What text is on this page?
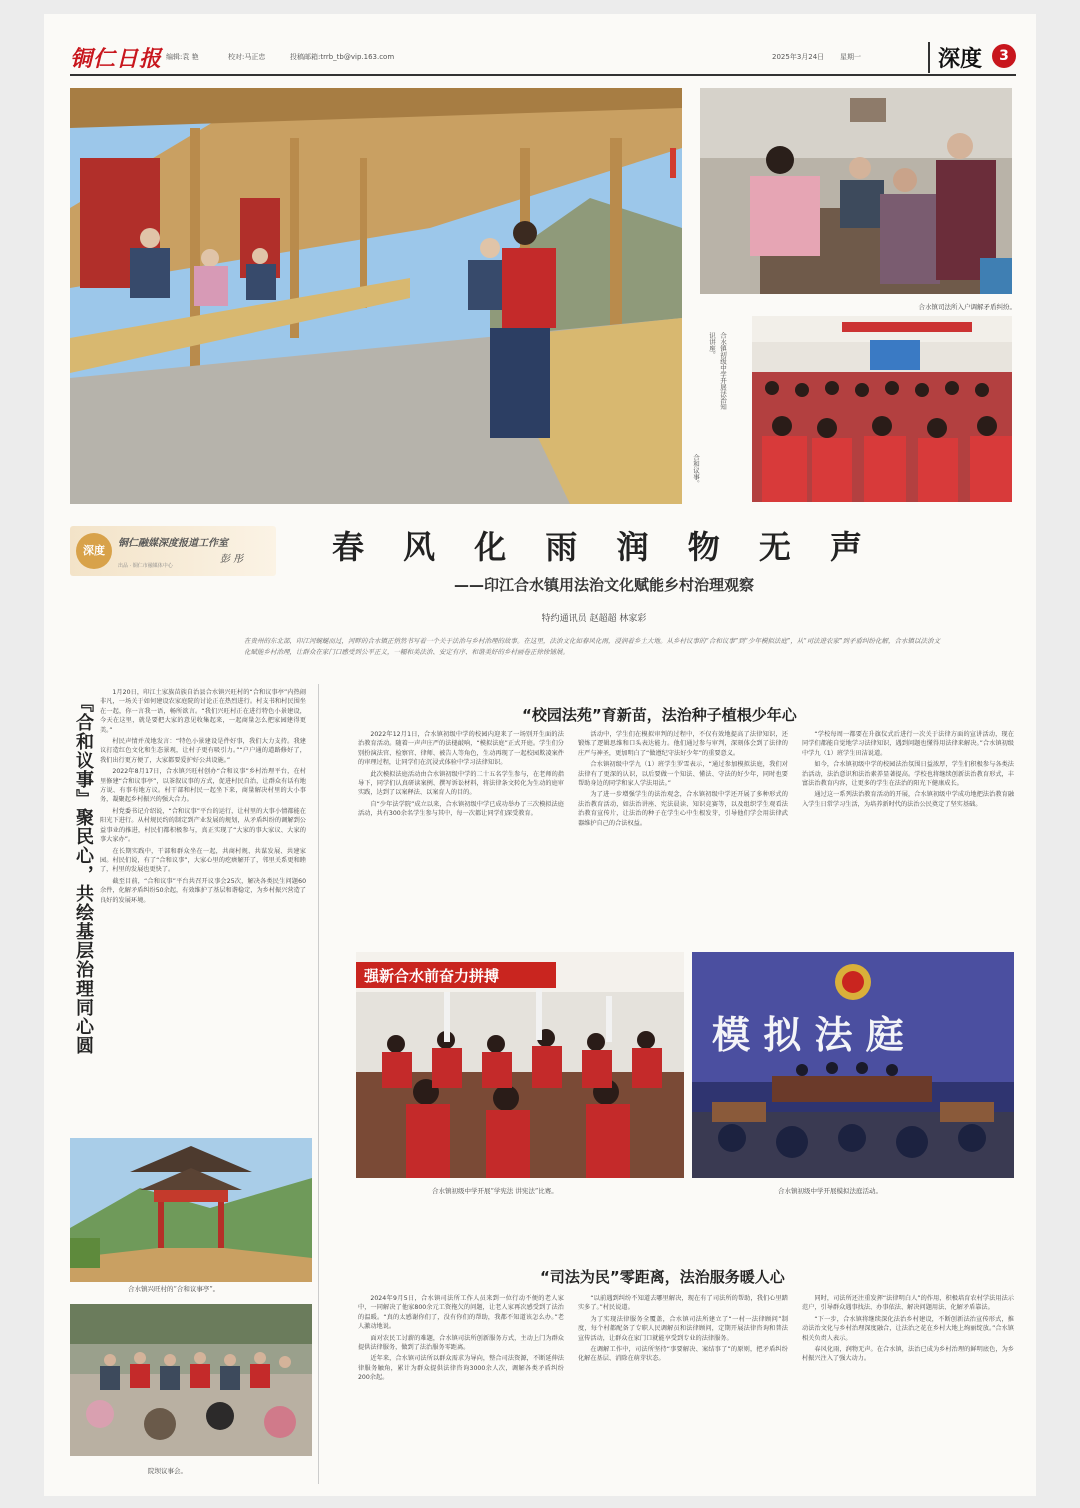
铜仁日报 编辑:袁 艳	校对:马正忠	投稿邮箱:trrb_tb@vip.163.com	2025年3月24日 星期一	深度	3
合和议事。
合水镇司法所入户调解矛盾纠纷。
合水镇初级中学开展法治知识讲座。
深度
铜仁融媒深度报道工作室
彭 彤
出品 · 铜仁市融媒体中心	春 风 化 雨 润 物 无 声
——印江合水镇用法治文化赋能乡村治理观察
特约通讯员 赵超超 林家彩
在贵州的东北部，印江河蜿蜒而过，河畔的合水镇正悄然书写着一个关于法治与乡村治理的故事。在这里，法治文化如春风化雨，浸润着乡土大地。从乡村议事的“合和议事”到“少年模拟法庭”，从“司法进农家”到矛盾纠纷化解，合水镇以法治文化赋能乡村治理，让群众在家门口感受到公平正义，一幅和美法治、安定有序、和谐美好的乡村画卷正徐徐铺展。
『合和议事』聚民心，共绘基层治理同心圆

1月20日，印江土家族苗族自治县合水镇兴旺村的“合和议事亭”内热闹非凡，一场关于如何建设农家庭院的讨论正在热烈进行。村支书和村民围坐在一起，你一言我一语，畅所欲言。“我们兴旺村正在进行特色小景建设，今天在这里，就是要把大家的意见收集起来，一起商量怎么把家园建得更美。”

村民声情并茂地发言：“特色小景建设是件好事，我们大力支持。我建议打造红色文化和生态景观，让村子更有吸引力。”“户户通的道路修好了，我们出行更方便了，大家都要爱护好公共设施。”

2022年8月17日，合水镇兴旺村创办“合和议事”乡村治理平台，在村里修建“合和议事亭”，以茶叙议事的方式，促进村民自治，让群众有话有地方说、有事有地方议。村干部和村民一起坐下来，商量解决村里的大小事务，凝聚起乡村振兴的强大合力。

村党委书记介绍说，“合和议事”平台的运行，让村里的大事小情都能在阳光下进行。从村规民约的制定到产业发展的规划，从矛盾纠纷的调解到公益事业的推进，村民们都积极参与，真正实现了“大家的事大家议、大家的事大家办”。

在长期实践中，干部和群众坐在一起，共商村规、共谋发展、共建家园。村民们说，有了“合和议事”，大家心里的疙瘩解开了，邻里关系更和睦了，村里的发展也更快了。

截至目前，“合和议事”平台共召开议事会25次，解决各类民生问题60余件，化解矛盾纠纷50余起，有效维护了基层和谐稳定，为乡村振兴营造了良好的发展环境。

合水镇兴旺村的“合和议事亭”。
院坝议事会。
“校园法苑”育新苗，法治种子植根少年心

2022年12月1日，合水镇初级中学的校园内迎来了一场别开生面的法治教育活动。随着一声声庄严的法槌敲响，“模拟法庭”正式开庭。学生们分别扮演法官、检察官、律师、被告人等角色，生动再现了一起校园欺凌案件的审理过程，让同学们在沉浸式体验中学习法律知识。

此次模拟法庭活动由合水镇初级中学的二十五名学生参与，在老师的指导下，同学们认真研读案例、撰写诉讼材料，将法律条文转化为生动的庭审实践，达到了以案释法、以案育人的目的。

自“少年法学院”成立以来，合水镇初级中学已成功举办了三次模拟法庭活动，共有300余名学生参与其中，每一次都让同学们深受教育。

活动中，学生们在模拟审判的过程中，不仅有效地提高了法律知识，还锻炼了逻辑思维和口头表达能力。他们通过参与审判，深刻体会到了法律的庄严与神圣，更加明白了“做遵纪守法好少年”的重要意义。

合水镇初级中学九（1）班学生罗雪表示，“通过参加模拟法庭，我们对法律有了更深的认识，以后要做一个知法、懂法、守法的好少年，同时也要帮助身边的同学和家人学法用法。”

为了进一步增强学生的法治观念，合水镇初级中学还开展了多种形式的法治教育活动，如法治讲座、宪法晨读、知识竞赛等，以及组织学生观看法治教育宣传片，让法治的种子在学生心中生根发芽，引导他们学会用法律武器维护自己的合法权益。

“学校每周一都要在升旗仪式后进行一次关于法律方面的宣讲活动，现在同学们都能自觉地学习法律知识，遇到问题也懂得用法律来解决。”合水镇初级中学九（1）班学生田洁说道。

如今，合水镇初级中学的校园法治氛围日益浓厚，学生们积极参与各类法治活动，法治意识和法治素养显著提高。学校也将继续创新法治教育形式，丰富法治教育内容，让更多的学生在法治的阳光下健康成长。

通过这一系列法治教育活动的开展，合水镇初级中学成功地把法治教育融入学生日常学习生活，为培养新时代的法治公民奠定了坚实基础。

强新合水前奋力拼搏
合水镇初级中学开展“学宪法 讲宪法”比赛。
模 拟 法 庭
合水镇初级中学开展模拟法庭活动。
“司法为民”零距离，法治服务暖人心

2024年9月5日，合水镇司法所工作人员来到一位行动不便的老人家中，一同解决了他家800余元工资拖欠的问题，让老人家再次感受到了法治的温暖。“真的太感谢你们了，没有你们的帮助，我都不知道该怎么办。”老人激动地说。

面对农民工讨薪的难题，合水镇司法所创新服务方式，主动上门为群众提供法律服务，做到了法治服务零距离。

近年来，合水镇司法所以群众需求为导向，整合司法资源，不断延伸法律服务触角，累计为群众提供法律咨询3000余人次，调解各类矛盾纠纷200余起。

“以前遇到纠纷不知道去哪里解决，现在有了司法所的帮助，我们心里踏实多了。”村民说道。

为了实现法律服务全覆盖，合水镇司法所建立了“一村一法律顾问”制度，每个村都配备了专职人民调解员和法律顾问，定期开展法律咨询和普法宣传活动，让群众在家门口就能享受到专业的法律服务。

在调解工作中，司法所坚持“事要解决、案结事了”的原则，把矛盾纠纷化解在基层、消除在萌芽状态。

同时，司法所还注重发挥“法律明白人”的作用，积极培育农村学法用法示范户，引导群众遇事找法、办事依法、解决问题用法、化解矛盾靠法。

“下一步，合水镇将继续深化法治乡村建设，不断创新法治宣传形式，推动法治文化与乡村治理深度融合，让法治之花在乡村大地上绚丽绽放。”合水镇相关负责人表示。

春风化雨，润物无声。在合水镇，法治已成为乡村治理的鲜明底色，为乡村振兴注入了强大动力。
